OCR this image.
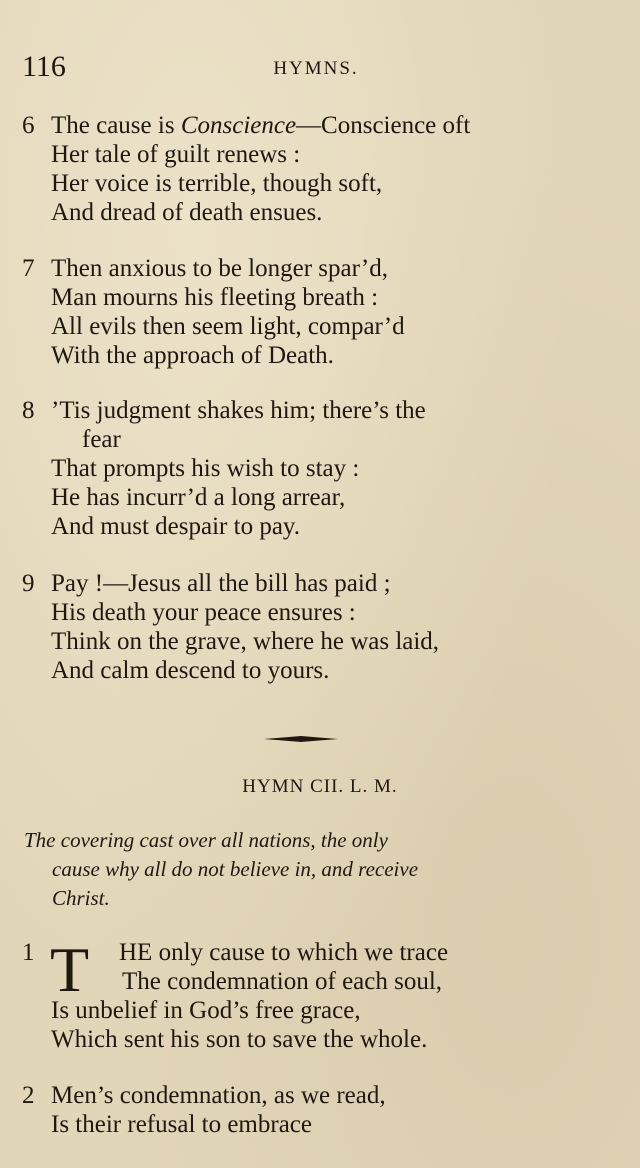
116	HYMNS.
6 The cause is Conscience—Conscience oft
Her tale of guilt renews :
Her voice is terrible, though soft,
And dread of death ensues.
7 Then anxious to be longer spar’d,
Man mourns his fleeting breath :
All evils then seem light, compar’d
With the approach of Death.
8 ’Tis judgment shakes him; there’s the
fear
That prompts his wish to stay :
He has incurr’d a long arrear,
And must despair to pay.
9 Pay !—Jesus all the bill has paid ;
His death your peace ensures :
Think on the grave, where he was laid,
And calm descend to yours.
HYMN CII. L. M.
The covering cast over all nations, the only
cause why all do not believe in, and receive
Christ.
1	HE only cause to which we trace
The condemnation of each soul,
Is unbelief in God’s free grace,
Which sent his son to save the whole.
T
2 Men’s condemnation, as we read,
Is their refusal to embrace
